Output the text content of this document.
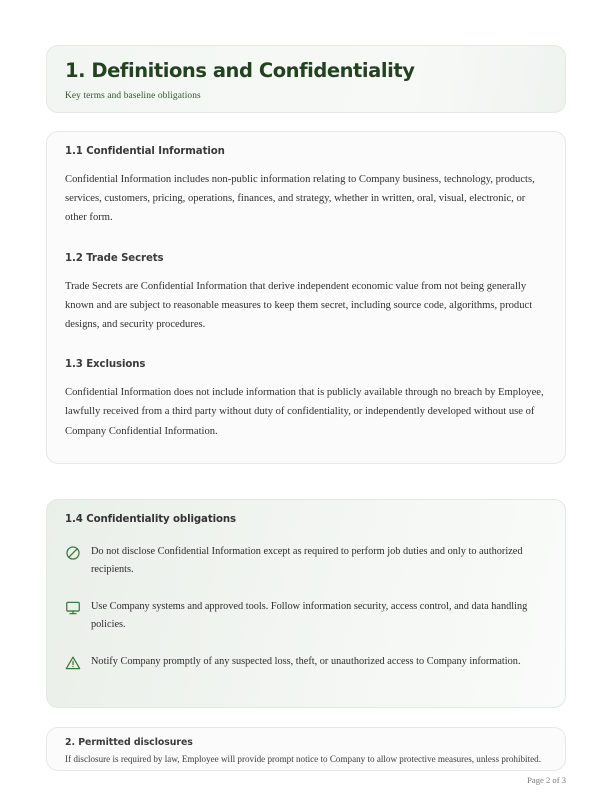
1. Definitions and Confidentiality
Key terms and baseline obligations
1.1 Confidential Information

Confidential Information includes non-public information relating to Company business, technology, products, services, customers, pricing, operations, finances, and strategy, whether in written, oral, visual, electronic, or other form.

1.2 Trade Secrets

Trade Secrets are Confidential Information that derive independent economic value from not being generally known and are subject to reasonable measures to keep them secret, including source code, algorithms, product designs, and security procedures.

1.3 Exclusions

Confidential Information does not include information that is publicly available through no breach by Employee, lawfully received from a third party without duty of confidentiality, or independently developed without use of Company Confidential Information.

1.4 Confidentiality obligations
Do not disclose Confidential Information except as required to perform job duties and only to authorized recipients.
Use Company systems and approved tools. Follow information security, access control, and data handling policies.
Notify Company promptly of any suspected loss, theft, or unauthorized access to Company information.
2. Permitted disclosures

If disclosure is required by law, Employee will provide prompt notice to Company to allow protective measures, unless prohibited.

Page 2 of 3
